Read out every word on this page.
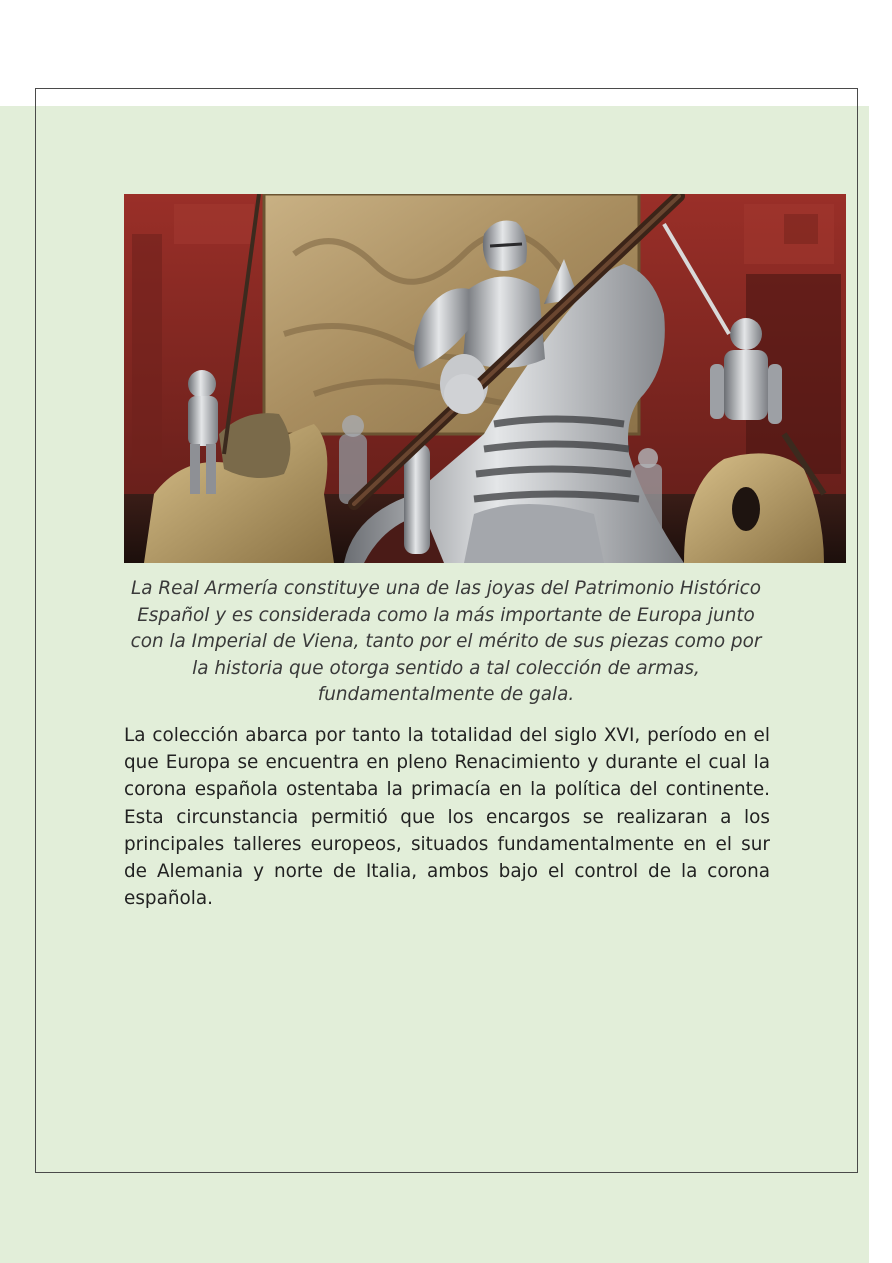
La Real Armería constituye una de las joyas del Patrimonio Histórico Español y es considerada como la más importante de Europa junto con la Imperial de Viena, tanto por el mérito de sus piezas como por la historia que otorga sentido a tal colección de armas, fundamentalmente de gala.

La colección abarca por tanto la totalidad del siglo XVI, período en el que Europa se encuentra en pleno Renacimiento y durante el cual la corona española ostentaba la primacía en la política del continente. Esta circunstancia permitió que los encargos se realizaran a los principales talleres europeos, situados fundamentalmente en el sur de Alemania y norte de Italia, ambos bajo el control de la corona española.
